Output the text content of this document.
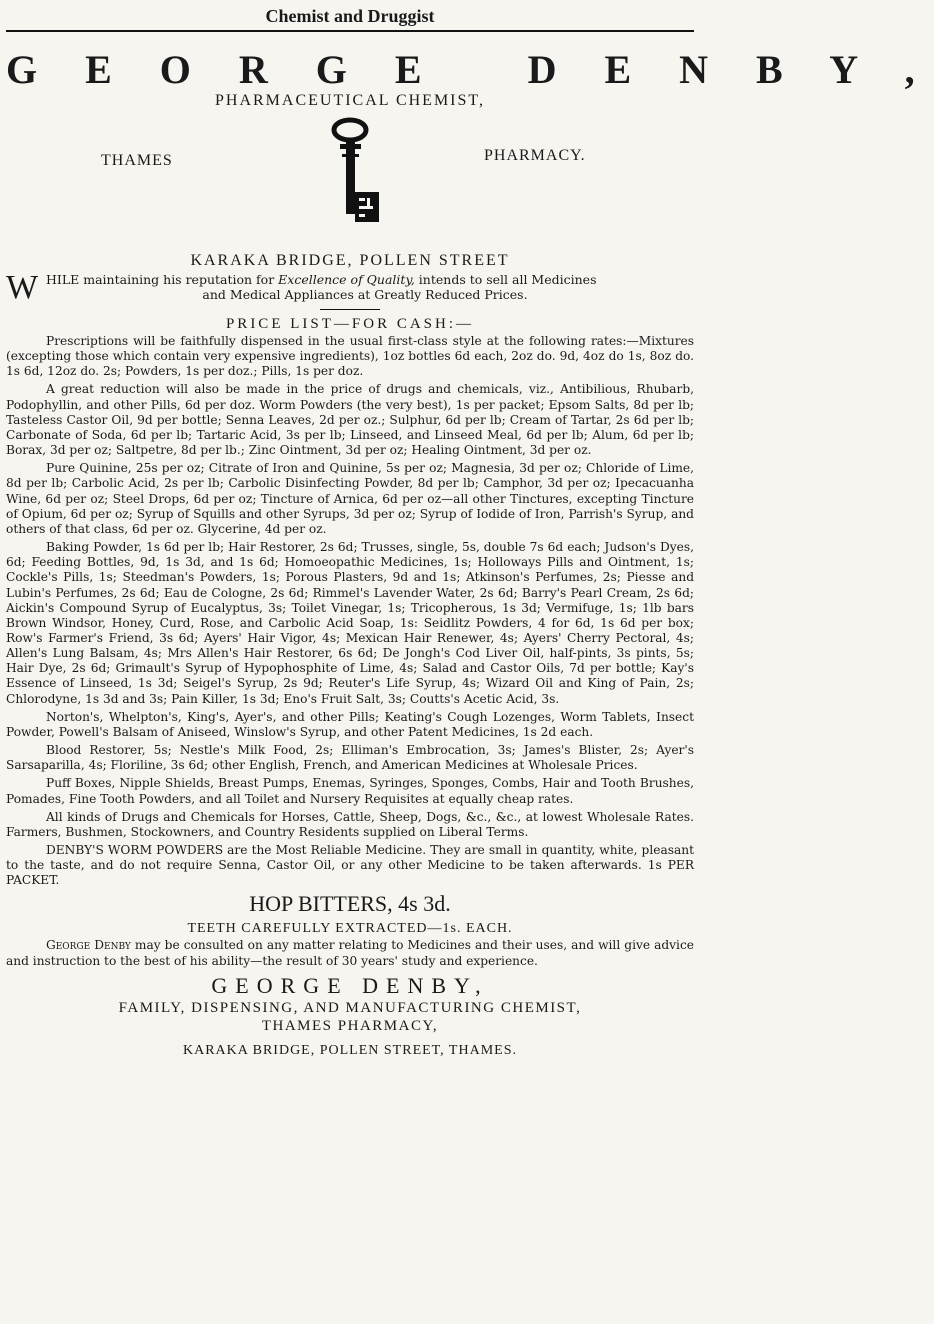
Chemist and Druggist
G E O R G E   D E N B Y ,
PHARMACEUTICAL CHEMIST,
THAMES	PHARMACY.
KARAKA BRIDGE, POLLEN STREET
W HILE maintaining his reputation for Excellence of Quality, intends to sell all Medicines
and Medical Appliances at Greatly Reduced Prices.
PRICE LIST—FOR CASH:—

Prescriptions will be faithfully dispensed in the usual first-class style at the following rates:—Mixtures (excepting those which contain very expensive ingredients), 1oz bottles 6d each, 2oz do. 9d, 4oz do 1s, 8oz do. 1s 6d, 12oz do. 2s; Powders, 1s per doz.; Pills, 1s per doz.

A great reduction will also be made in the price of drugs and chemicals, viz., Antibilious, Rhubarb, Podophyllin, and other Pills, 6d per doz. Worm Powders (the very best), 1s per packet; Epsom Salts, 8d per lb; Tasteless Castor Oil, 9d per bottle; Senna Leaves, 2d per oz.; Sulphur, 6d per lb; Cream of Tartar, 2s 6d per lb; Carbonate of Soda, 6d per lb; Tartaric Acid, 3s per lb; Linseed, and Linseed Meal, 6d per lb; Alum, 6d per lb; Borax, 3d per oz; Saltpetre, 8d per lb.; Zinc Ointment, 3d per oz; Healing Ointment, 3d per oz.

Pure Quinine, 25s per oz; Citrate of Iron and Quinine, 5s per oz; Magnesia, 3d per oz; Chloride of Lime, 8d per lb; Carbolic Acid, 2s per lb; Carbolic Disinfecting Powder, 8d per lb; Camphor, 3d per oz; Ipecacuanha Wine, 6d per oz; Steel Drops, 6d per oz; Tincture of Arnica, 6d per oz—all other Tinctures, excepting Tincture of Opium, 6d per oz; Syrup of Squills and other Syrups, 3d per oz; Syrup of Iodide of Iron, Parrish's Syrup, and others of that class, 6d per oz. Glycerine, 4d per oz.

Baking Powder, 1s 6d per lb; Hair Restorer, 2s 6d; Trusses, single, 5s, double 7s 6d each; Judson's Dyes, 6d; Feeding Bottles, 9d, 1s 3d, and 1s 6d; Homoeopathic Medicines, 1s; Holloways Pills and Ointment, 1s; Cockle's Pills, 1s; Steedman's Powders, 1s; Porous Plasters, 9d and 1s; Atkinson's Perfumes, 2s; Piesse and Lubin's Perfumes, 2s 6d; Eau de Cologne, 2s 6d; Rimmel's Lavender Water, 2s 6d; Barry's Pearl Cream, 2s 6d; Aickin's Compound Syrup of Eucalyptus, 3s; Toilet Vinegar, 1s; Tricopherous, 1s 3d; Vermifuge, 1s; 1lb bars Brown Windsor, Honey, Curd, Rose, and Carbolic Acid Soap, 1s: Seidlitz Powders, 4 for 6d, 1s 6d per box; Row's Farmer's Friend, 3s 6d; Ayers' Hair Vigor, 4s; Mexican Hair Renewer, 4s; Ayers' Cherry Pectoral, 4s; Allen's Lung Balsam, 4s; Mrs Allen's Hair Restorer, 6s 6d; De Jongh's Cod Liver Oil, half-pints, 3s pints, 5s; Hair Dye, 2s 6d; Grimault's Syrup of Hypophosphite of Lime, 4s; Salad and Castor Oils, 7d per bottle; Kay's Essence of Linseed, 1s 3d; Seigel's Syrup, 2s 9d; Reuter's Life Syrup, 4s; Wizard Oil and King of Pain, 2s; Chlorodyne, 1s 3d and 3s; Pain Killer, 1s 3d; Eno's Fruit Salt, 3s; Coutts's Acetic Acid, 3s.

Norton's, Whelpton's, King's, Ayer's, and other Pills; Keating's Cough Lozenges, Worm Tablets, Insect Powder, Powell's Balsam of Aniseed, Winslow's Syrup, and other Patent Medicines, 1s 2d each.

Blood Restorer, 5s; Nestle's Milk Food, 2s; Elliman's Embrocation, 3s; James's Blister, 2s; Ayer's Sarsaparilla, 4s; Floriline, 3s 6d; other English, French, and American Medicines at Wholesale Prices.

Puff Boxes, Nipple Shields, Breast Pumps, Enemas, Syringes, Sponges, Combs, Hair and Tooth Brushes, Pomades, Fine Tooth Powders, and all Toilet and Nursery Requisites at equally cheap rates.

All kinds of Drugs and Chemicals for Horses, Cattle, Sheep, Dogs, &c., &c., at lowest Wholesale Rates. Farmers, Bushmen, Stockowners, and Country Residents supplied on Liberal Terms.

DENBY'S WORM POWDERS are the Most Reliable Medicine. They are small in quantity, white, pleasant to the taste, and do not require Senna, Castor Oil, or any other Medicine to be taken afterwards. 1s PER PACKET.

HOP BITTERS, 4s 3d.
TEETH CAREFULLY EXTRACTED—1s. EACH.

George Denby may be consulted on any matter relating to Medicines and their uses, and will give advice and instruction to the best of his ability—the result of 30 years' study and experience.

GEORGE DENBY,
FAMILY, DISPENSING, AND MANUFACTURING CHEMIST,
THAMES PHARMACY,
KARAKA BRIDGE, POLLEN STREET, THAMES.
